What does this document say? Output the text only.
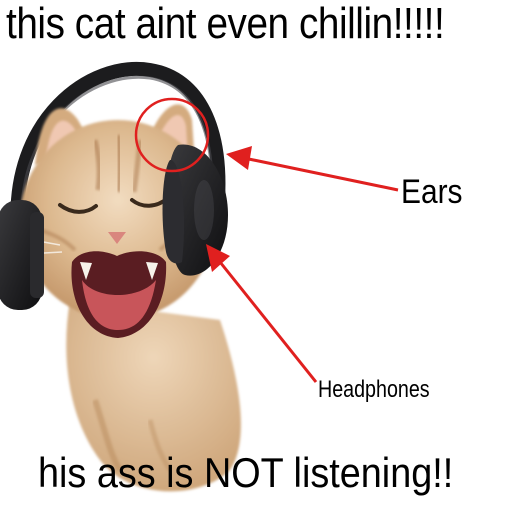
this cat aint even chillin!!!!!
Ears
Headphones
his ass is NOT listening!!
